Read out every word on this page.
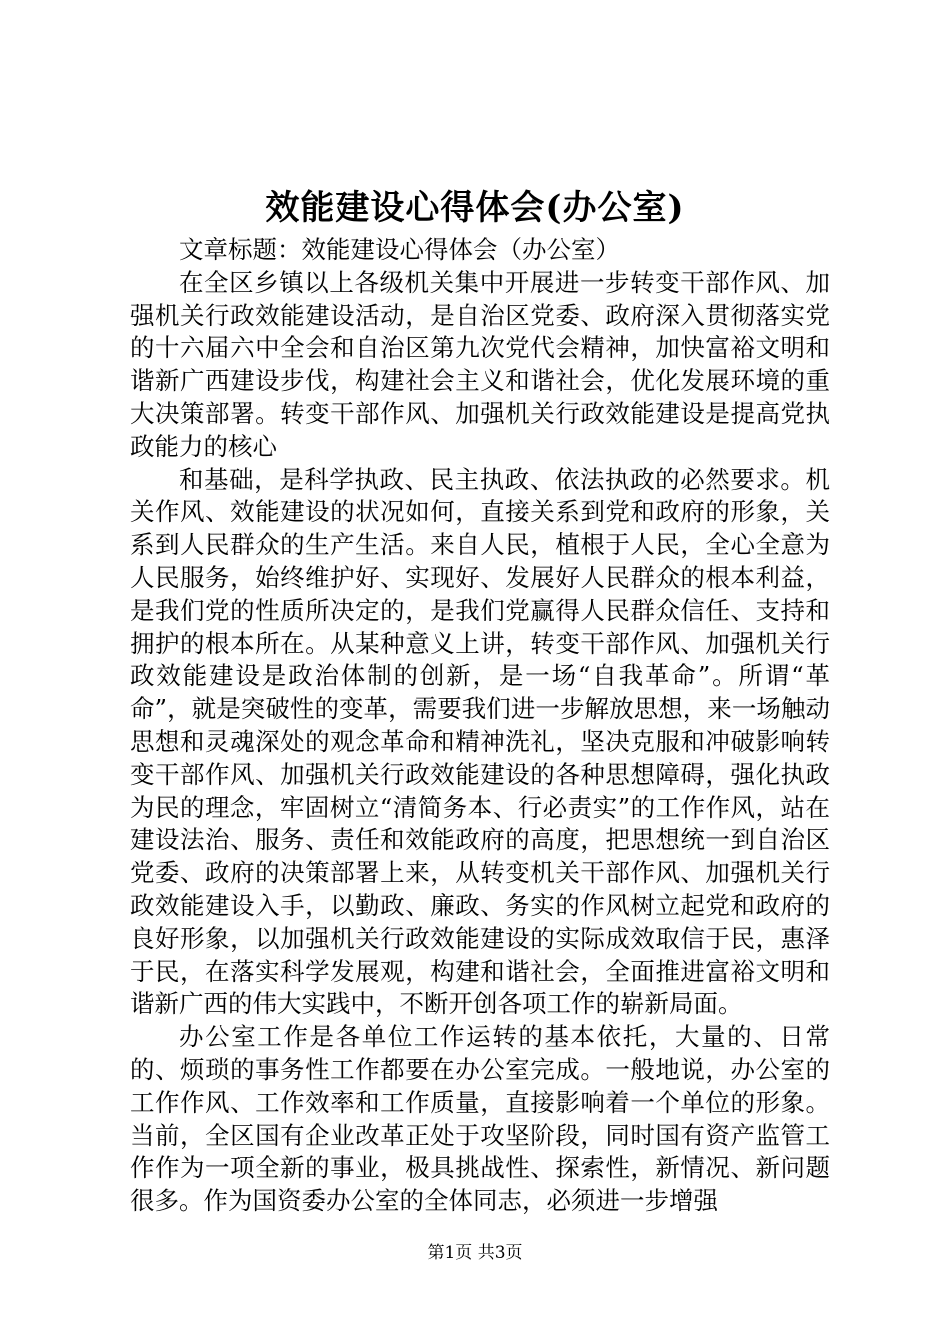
效能建设心得体会(办公室)

文章标题：效能建设心得体会（办公室）

在全区乡镇以上各级机关集中开展进一步转变干部作风、加强机关行政效能建设活动，是自治区党委、政府深入贯彻落实党的十六届六中全会和自治区第九次党代会精神，加快富裕文明和谐新广西建设步伐，构建社会主义和谐社会，优化发展环境的重大决策部署。转变干部作风、加强机关行政效能建设是提高党执政能力的核心

和基础，是科学执政、民主执政、依法执政的必然要求。机关作风、效能建设的状况如何，直接关系到党和政府的形象，关系到人民群众的生产生活。来自人民，植根于人民，全心全意为人民服务，始终维护好、实现好、发展好人民群众的根本利益，是我们党的性质所决定的，是我们党赢得人民群众信任、支持和拥护的根本所在。从某种意义上讲，转变干部作风、加强机关行政效能建设是政治体制的创新，是一场“自我革命”。所谓“革命”，就是突破性的变革，需要我们进一步解放思想，来一场触动思想和灵魂深处的观念革命和精神洗礼，坚决克服和冲破影响转变干部作风、加强机关行政效能建设的各种思想障碍，强化执政为民的理念，牢固树立“清简务本、行必责实”的工作作风，站在建设法治、服务、责任和效能政府的高度，把思想统一到自治区党委、政府的决策部署上来，从转变机关干部作风、加强机关行政效能建设入手，以勤政、廉政、务实的作风树立起党和政府的良好形象，以加强机关行政效能建设的实际成效取信于民，惠泽于民，在落实科学发展观，构建和谐社会，全面推进富裕文明和谐新广西的伟大实践中，不断开创各项工作的崭新局面。

办公室工作是各单位工作运转的基本依托，大量的、日常的、烦琐的事务性工作都要在办公室完成。一般地说，办公室的工作作风、工作效率和工作质量，直接影响着一个单位的形象。当前，全区国有企业改革正处于攻坚阶段，同时国有资产监管工作作为一项全新的事业，极具挑战性、探索性，新情况、新问题很多。作为国资委办公室的全体同志，必须进一步增强

第1页 共3页
